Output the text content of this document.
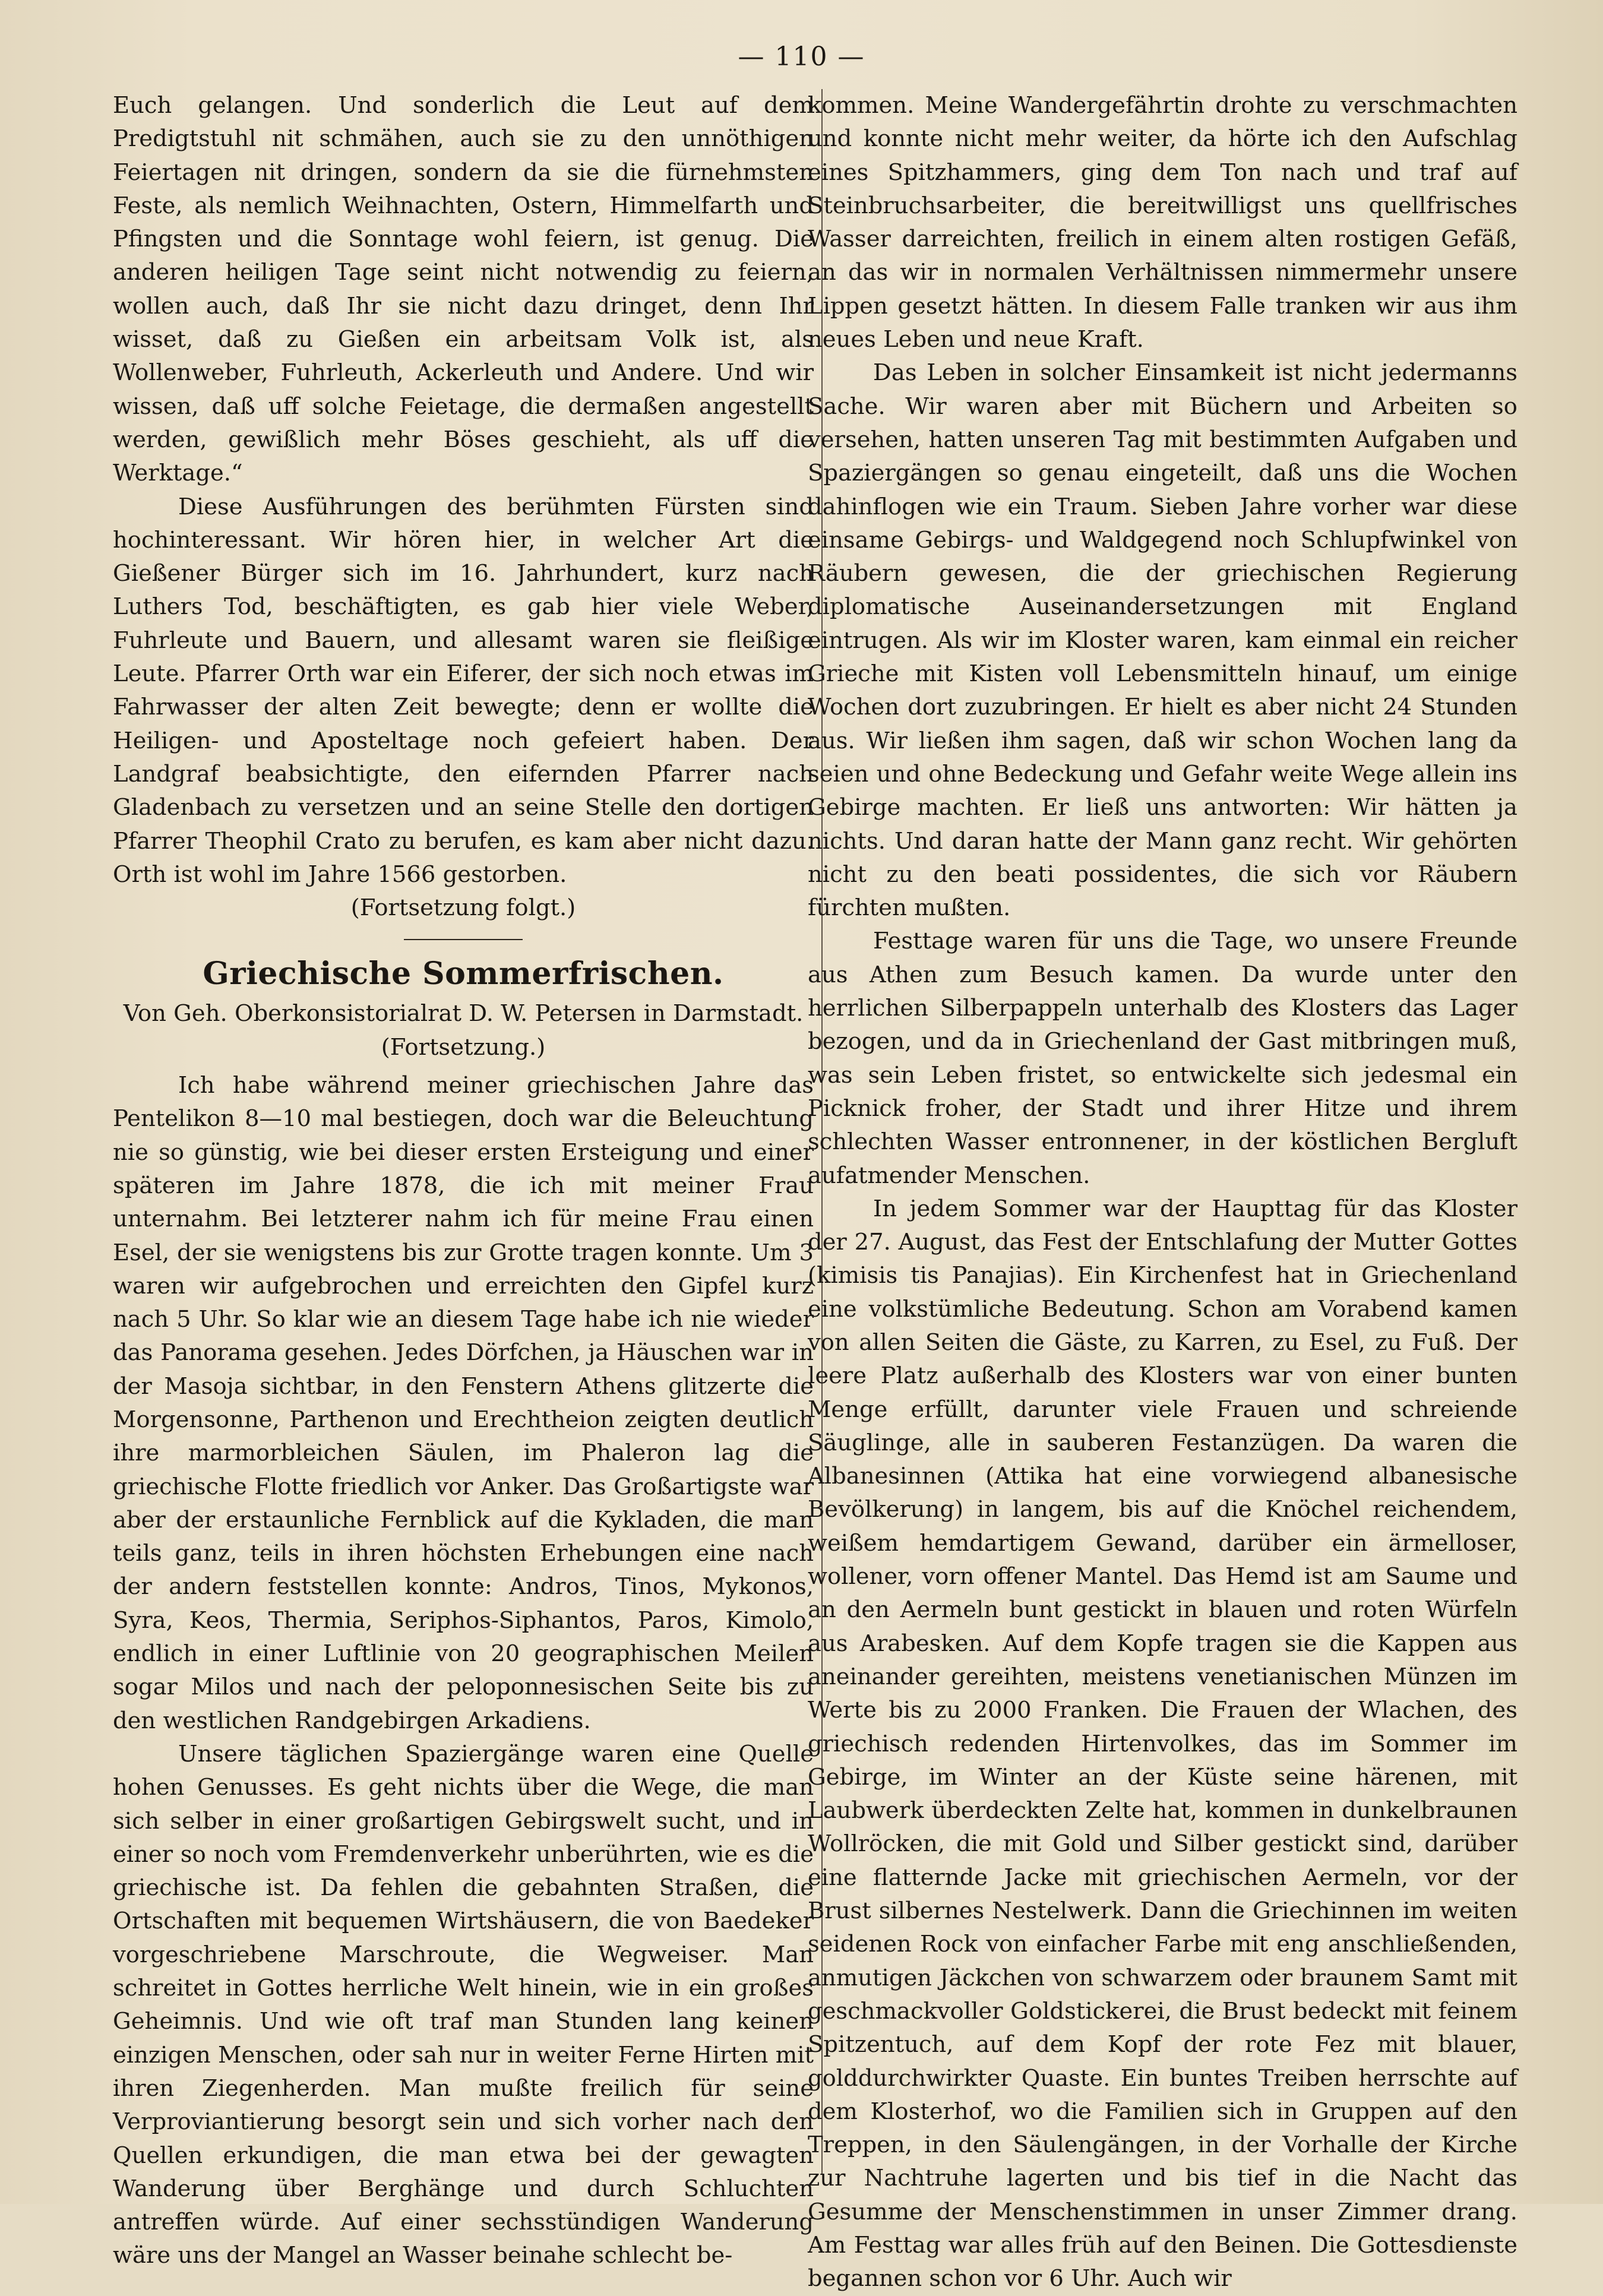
— 110 —

Euch gelangen. Und sonderlich die Leut auf dem Predigtstuhl nit schmähen, auch sie zu den unnöthigen Feiertagen nit dringen, sondern da sie die fürnehmsten Feste, als nemlich Weihnachten, Ostern, Himmelfarth und Pfingsten und die Sonntage wohl feiern, ist genug. Die anderen heiligen Tage seint nicht notwendig zu feiern, wollen auch, daß Ihr sie nicht dazu dringet, denn Ihr wisset, daß zu Gießen ein arbeitsam Volk ist, als Wollenweber, Fuhrleuth, Ackerleuth und Andere. Und wir wissen, daß uff solche Feietage, die dermaßen angestellt werden, gewißlich mehr Böses geschieht, als uff die Werktage.“

Diese Ausführungen des berühmten Fürsten sind hochinteressant. Wir hören hier, in welcher Art die Gießener Bürger sich im 16. Jahrhundert, kurz nach Luthers Tod, beschäftigten, es gab hier viele Weber, Fuhrleute und Bauern, und allesamt waren sie fleißige Leute. Pfarrer Orth war ein Eiferer, der sich noch etwas im Fahrwasser der alten Zeit bewegte; denn er wollte die Heiligen- und Aposteltage noch gefeiert haben. Der Landgraf beabsichtigte, den eifernden Pfarrer nach Gladenbach zu versetzen und an seine Stelle den dortigen Pfarrer Theophil Crato zu berufen, es kam aber nicht dazu. Orth ist wohl im Jahre 1566 gestorben.

(Fortsetzung folgt.)

Griechische Sommerfrischen.

Von Geh. Oberkonsistorialrat D. W. Petersen in Darmstadt.

(Fortsetzung.)

Ich habe während meiner griechischen Jahre das Pentelikon 8—10 mal bestiegen, doch war die Beleuchtung nie so günstig, wie bei dieser ersten Ersteigung und einer späteren im Jahre 1878, die ich mit meiner Frau unternahm. Bei letzterer nahm ich für meine Frau einen Esel, der sie wenigstens bis zur Grotte tragen konnte. Um 3 waren wir aufgebrochen und erreichten den Gipfel kurz nach 5 Uhr. So klar wie an diesem Tage habe ich nie wieder das Panorama gesehen. Jedes Dörfchen, ja Häuschen war in der Masoja sichtbar, in den Fenstern Athens glitzerte die Morgensonne, Parthenon und Erechtheion zeigten deutlich ihre marmorbleichen Säulen, im Phaleron lag die griechische Flotte friedlich vor Anker. Das Großartigste war aber der erstaunliche Fernblick auf die Kykladen, die man teils ganz, teils in ihren höchsten Erhebungen eine nach der andern feststellen konnte: Andros, Tinos, Mykonos, Syra, Keos, Thermia, Seriphos-Siphantos, Paros, Kimolo, endlich in einer Luftlinie von 20 geographischen Meilen sogar Milos und nach der peloponnesischen Seite bis zu den westlichen Randgebirgen Arkadiens.

Unsere täglichen Spaziergänge waren eine Quelle hohen Genusses. Es geht nichts über die Wege, die man sich selber in einer großartigen Gebirgswelt sucht, und in einer so noch vom Fremdenverkehr unberührten, wie es die griechische ist. Da fehlen die gebahnten Straßen, die Ortschaften mit bequemen Wirtshäusern, die von Baedeker vorgeschriebene Marschroute, die Wegweiser. Man schreitet in Gottes herrliche Welt hinein, wie in ein großes Geheimnis. Und wie oft traf man Stunden lang keinen einzigen Menschen, oder sah nur in weiter Ferne Hirten mit ihren Ziegenherden. Man mußte freilich für seine Verproviantierung besorgt sein und sich vorher nach den Quellen erkundigen, die man etwa bei der gewagten Wanderung über Berghänge und durch Schluchten antreffen würde. Auf einer sechsstündigen Wanderung wäre uns der Mangel an Wasser beinahe schlecht be-

kommen. Meine Wandergefährtin drohte zu verschmachten und konnte nicht mehr weiter, da hörte ich den Aufschlag eines Spitzhammers, ging dem Ton nach und traf auf Steinbruchsarbeiter, die bereitwilligst uns quellfrisches Wasser darreichten, freilich in einem alten rostigen Gefäß, an das wir in normalen Verhältnissen nimmermehr unsere Lippen gesetzt hätten. In diesem Falle tranken wir aus ihm neues Leben und neue Kraft.

Das Leben in solcher Einsamkeit ist nicht jedermanns Sache. Wir waren aber mit Büchern und Arbeiten so versehen, hatten unseren Tag mit bestimmten Aufgaben und Spaziergängen so genau eingeteilt, daß uns die Wochen dahinflogen wie ein Traum. Sieben Jahre vorher war diese einsame Gebirgs- und Waldgegend noch Schlupfwinkel von Räubern gewesen, die der griechischen Regierung diplomatische Auseinandersetzungen mit England eintrugen. Als wir im Kloster waren, kam einmal ein reicher Grieche mit Kisten voll Lebensmitteln hinauf, um einige Wochen dort zuzubringen. Er hielt es aber nicht 24 Stunden aus. Wir ließen ihm sagen, daß wir schon Wochen lang da seien und ohne Bedeckung und Gefahr weite Wege allein ins Gebirge machten. Er ließ uns antworten: Wir hätten ja nichts. Und daran hatte der Mann ganz recht. Wir gehörten nicht zu den beati possidentes, die sich vor Räubern fürchten mußten.

Festtage waren für uns die Tage, wo unsere Freunde aus Athen zum Besuch kamen. Da wurde unter den herrlichen Silberpappeln unterhalb des Klosters das Lager bezogen, und da in Griechenland der Gast mitbringen muß, was sein Leben fristet, so entwickelte sich jedesmal ein Picknick froher, der Stadt und ihrer Hitze und ihrem schlechten Wasser entronnener, in der köstlichen Bergluft aufatmender Menschen.

In jedem Sommer war der Haupttag für das Kloster der 27. August, das Fest der Entschlafung der Mutter Gottes (kimisis tis Panajias). Ein Kirchenfest hat in Griechenland eine volkstümliche Bedeutung. Schon am Vorabend kamen von allen Seiten die Gäste, zu Karren, zu Esel, zu Fuß. Der leere Platz außerhalb des Klosters war von einer bunten Menge erfüllt, darunter viele Frauen und schreiende Säuglinge, alle in sauberen Festanzügen. Da waren die Albanesinnen (Attika hat eine vorwiegend albanesische Bevölkerung) in langem, bis auf die Knöchel reichendem, weißem hemdartigem Gewand, darüber ein ärmelloser, wollener, vorn offener Mantel. Das Hemd ist am Saume und an den Aermeln bunt gestickt in blauen und roten Würfeln aus Arabesken. Auf dem Kopfe tragen sie die Kappen aus aneinander gereihten, meistens venetianischen Münzen im Werte bis zu 2000 Franken. Die Frauen der Wlachen, des griechisch redenden Hirtenvolkes, das im Sommer im Gebirge, im Winter an der Küste seine härenen, mit Laubwerk überdeckten Zelte hat, kommen in dunkelbraunen Wollröcken, die mit Gold und Silber gestickt sind, darüber eine flatternde Jacke mit griechischen Aermeln, vor der Brust silbernes Nestelwerk. Dann die Griechinnen im weiten seidenen Rock von einfacher Farbe mit eng anschließenden, anmutigen Jäckchen von schwarzem oder braunem Samt mit geschmackvoller Goldstickerei, die Brust bedeckt mit feinem Spitzentuch, auf dem Kopf der rote Fez mit blauer, golddurchwirkter Quaste. Ein buntes Treiben herrschte auf dem Klosterhof, wo die Familien sich in Gruppen auf den Treppen, in den Säulengängen, in der Vorhalle der Kirche zur Nachtruhe lagerten und bis tief in die Nacht das Gesumme der Menschenstimmen in unser Zimmer drang. Am Festtag war alles früh auf den Beinen. Die Gottesdienste begannen schon vor 6 Uhr. Auch wir
